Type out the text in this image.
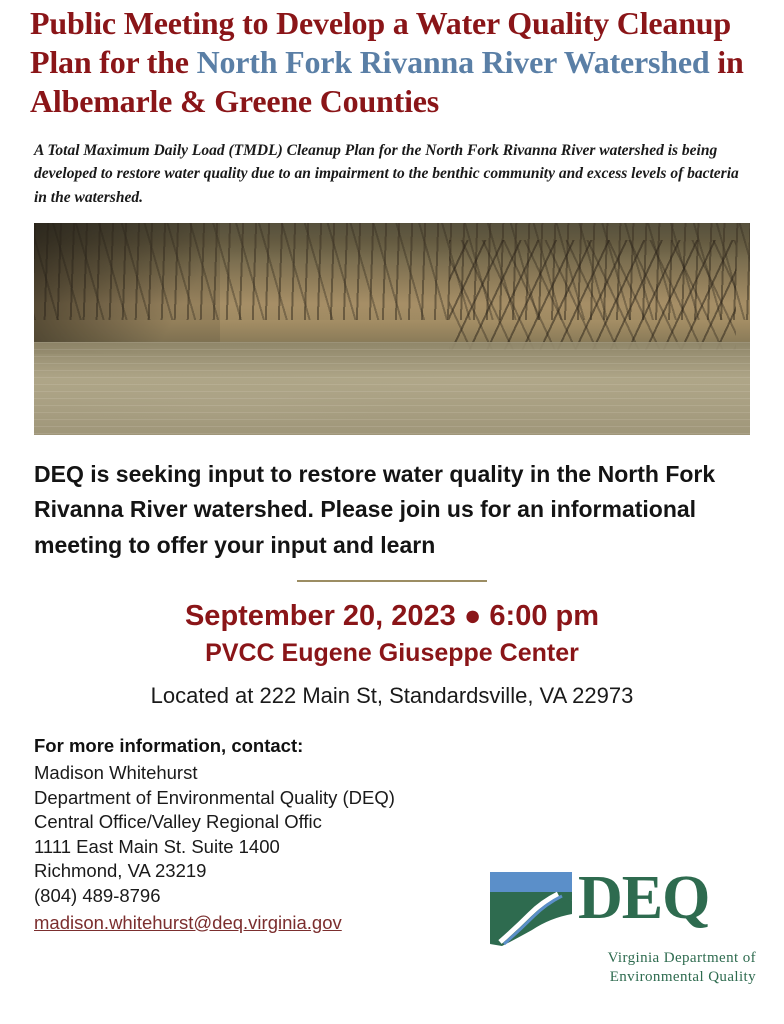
Public Meeting to Develop a Water Quality Cleanup Plan for the North Fork Rivanna River Watershed in Albemarle & Greene Counties

A Total Maximum Daily Load (TMDL) Cleanup Plan for the North Fork Rivanna River watershed is being developed to restore water quality due to an impairment to the benthic community and excess levels of bacteria in the watershed.

DEQ is seeking input to restore water quality in the North Fork Rivanna River watershed. Please join us for an informational meeting to offer your input and learn

September 20, 2023 ● 6:00 pm
PVCC Eugene Giuseppe Center
Located at 222 Main St, Standardsville, VA 22973
For more information, contact:
Madison Whitehurst
Department of Environmental Quality (DEQ)
Central Office/Valley Regional Offic
1111 East Main St. Suite 1400
Richmond, VA 23219
(804) 489-8796
madison.whitehurst@deq.virginia.gov	DEQ
Virginia Department of
Environmental Quality
